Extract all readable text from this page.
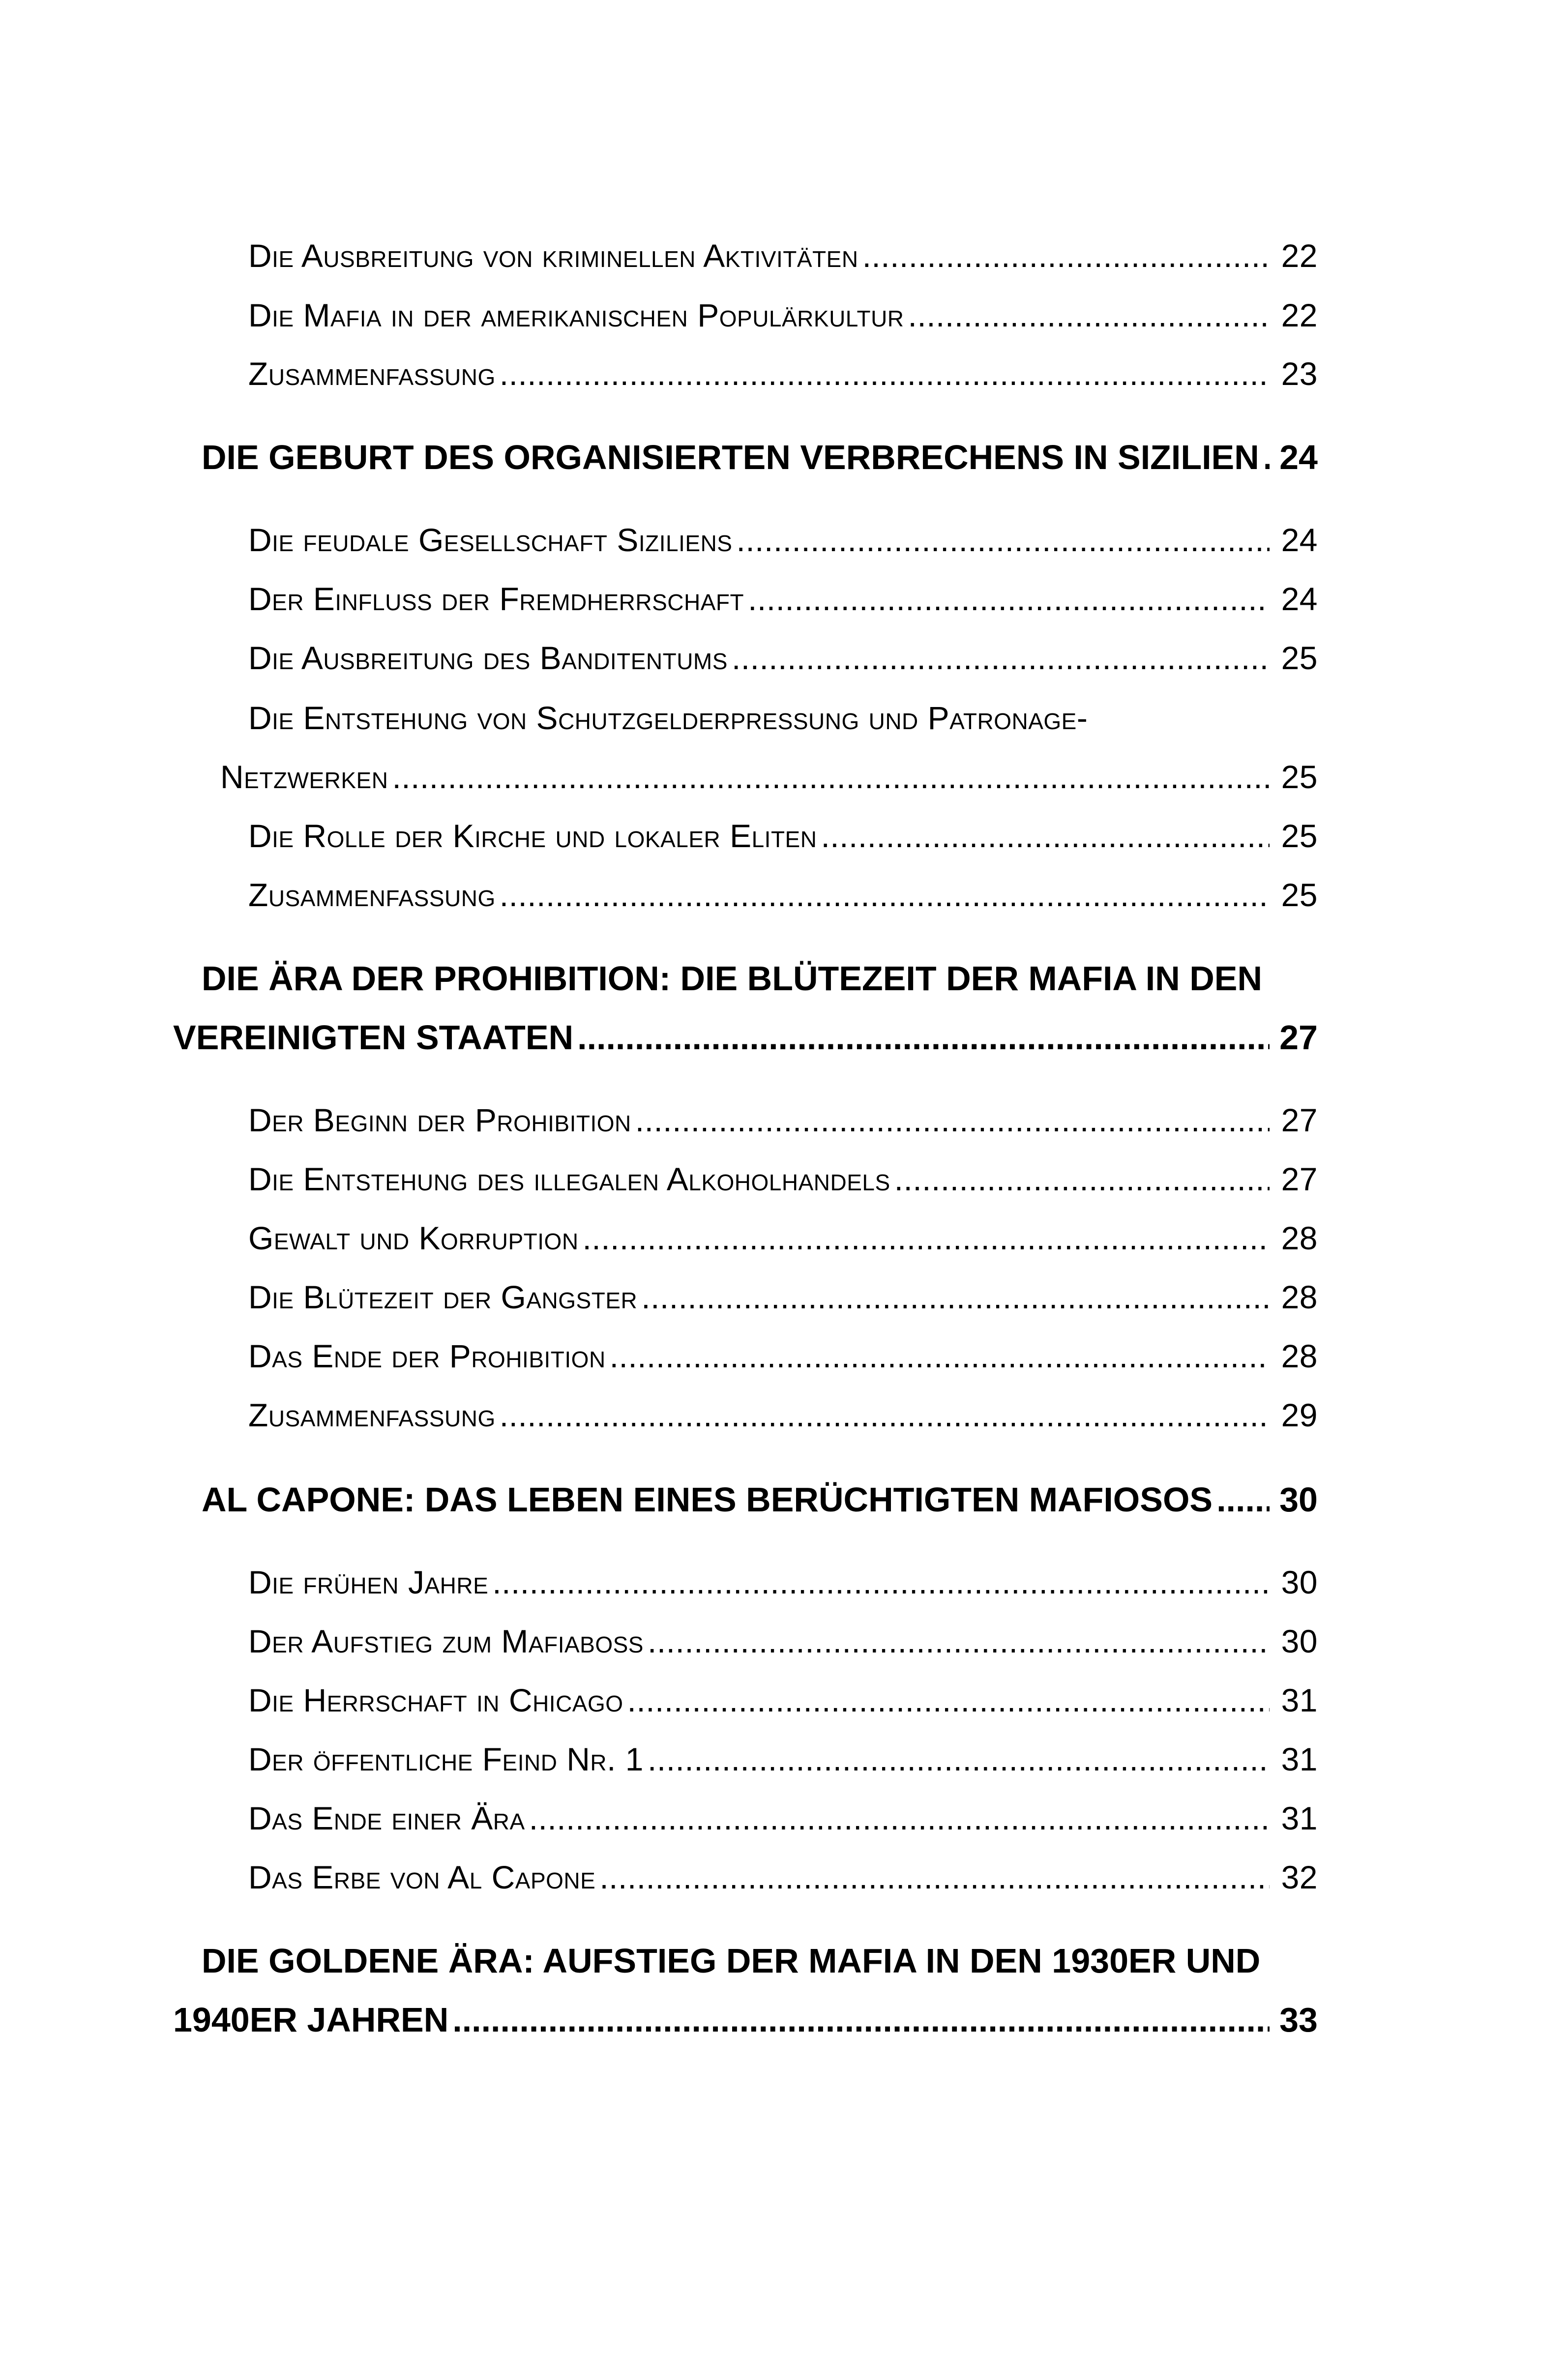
Die Ausbreitung von kriminellen Aktivitäten .....	22
Die Mafia in der amerikanischen Populärkultur .....	22
Zusammenfassung .....	23
DIE GEBURT DES ORGANISIERTEN VERBRECHENS IN SIZILIEN ..... 24
Die feudale Gesellschaft Siziliens .....	24
Der Einfluss der Fremdherrschaft .....	24
Die Ausbreitung des Banditentums .....	25
Die Entstehung von Schutzgelderpressung und Patronage-
Netzwerken .....	25
Die Rolle der Kirche und lokaler Eliten .....	25
Zusammenfassung .....	25
DIE ÄRA DER PROHIBITION: DIE BLÜTEZEIT DER MAFIA IN DEN
VEREINIGTEN STAATEN .....	27
Der Beginn der Prohibition .....	27
Die Entstehung des illegalen Alkoholhandels .....	27
Gewalt und Korruption .....	28
Die Blütezeit der Gangster .....	28
Das Ende der Prohibition .....	28
Zusammenfassung .....	29
AL CAPONE: DAS LEBEN EINES BERÜCHTIGTEN MAFIOSOS ..... 30
Die frühen Jahre .....	30
Der Aufstieg zum Mafiaboss .....	30
Die Herrschaft in Chicago .....	31
Der öffentliche Feind Nr. 1 .....	31
Das Ende einer Ära .....	31
Das Erbe von Al Capone .....	32
DIE GOLDENE ÄRA: AUFSTIEG DER MAFIA IN DEN 1930ER UND
1940ER JAHREN .....	33
